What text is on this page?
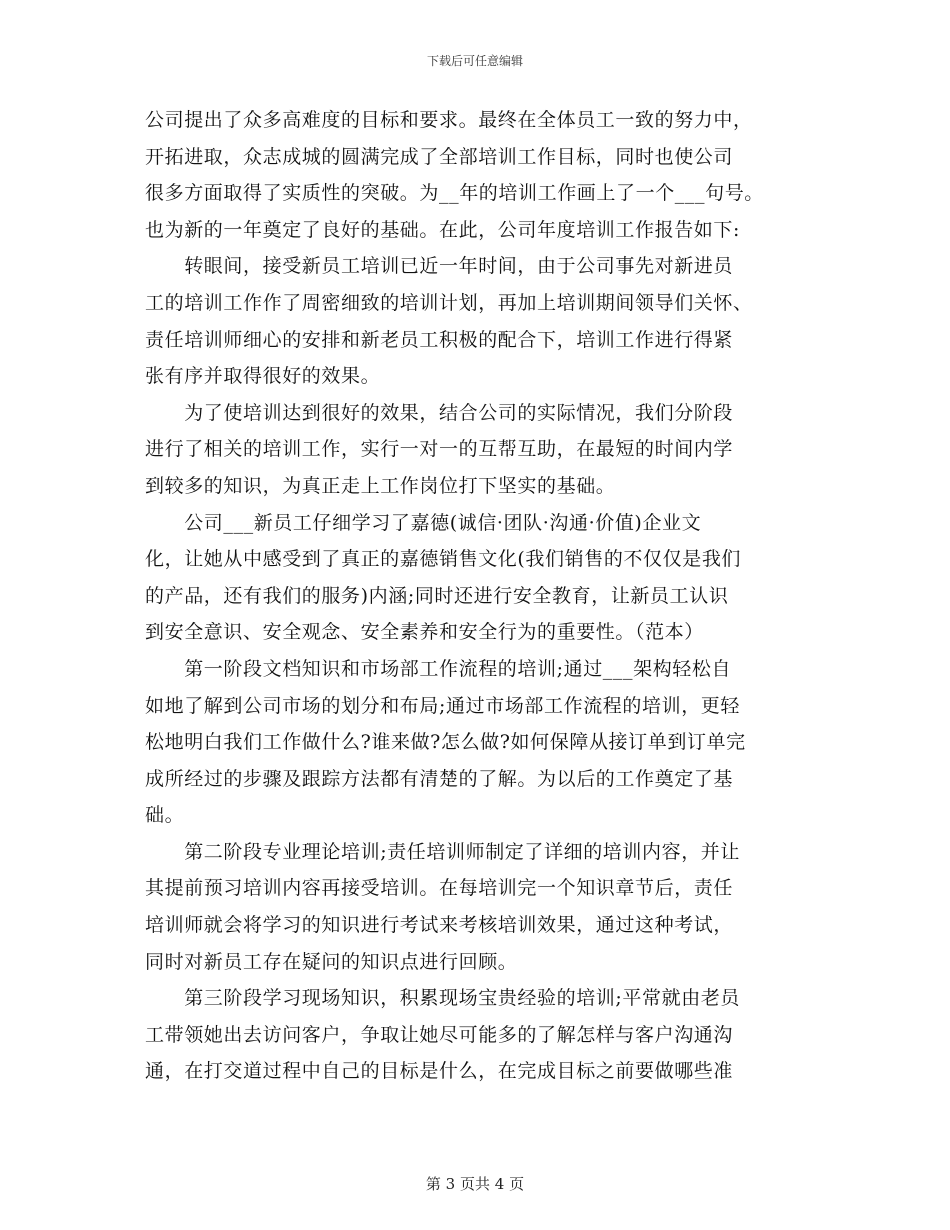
下载后可任意编辑
公司提出了众多高难度的目标和要求。最终在全体员工一致的努力中，
开拓进取，众志成城的圆满完成了全部培训工作目标，同时也使公司
很多方面取得了实质性的突破。为__年的培训工作画上了一个___句号。
也为新的一年奠定了良好的基础。在此，公司年度培训工作报告如下:
　　转眼间，接受新员工培训已近一年时间，由于公司事先对新进员
工的培训工作作了周密细致的培训计划，再加上培训期间领导们关怀、
责任培训师细心的安排和新老员工积极的配合下，培训工作进行得紧
张有序并取得很好的效果。
　　为了使培训达到很好的效果，结合公司的实际情况，我们分阶段
进行了相关的培训工作，实行一对一的互帮互助，在最短的时间内学
到较多的知识，为真正走上工作岗位打下坚实的基础。
　　公司___新员工仔细学习了嘉德(诚信·团队·沟通·价值)企业文
化，让她从中感受到了真正的嘉德销售文化(我们销售的不仅仅是我们
的产品，还有我们的服务)内涵;同时还进行安全教育，让新员工认识
到安全意识、安全观念、安全素养和安全行为的重要性。（范本）
　　第一阶段文档知识和市场部工作流程的培训;通过___架构轻松自
如地了解到公司市场的划分和布局;通过市场部工作流程的培训，更轻
松地明白我们工作做什么?谁来做?怎么做?如何保障从接订单到订单完
成所经过的步骤及跟踪方法都有清楚的了解。为以后的工作奠定了基
础。
　　第二阶段专业理论培训;责任培训师制定了详细的培训内容，并让
其提前预习培训内容再接受培训。在每培训完一个知识章节后，责任
培训师就会将学习的知识进行考试来考核培训效果，通过这种考试，
同时对新员工存在疑问的知识点进行回顾。
　　第三阶段学习现场知识，积累现场宝贵经验的培训;平常就由老员
工带领她出去访问客户，争取让她尽可能多的了解怎样与客户沟通沟
通，在打交道过程中自己的目标是什么，在完成目标之前要做哪些准
第 3 页共 4 页
